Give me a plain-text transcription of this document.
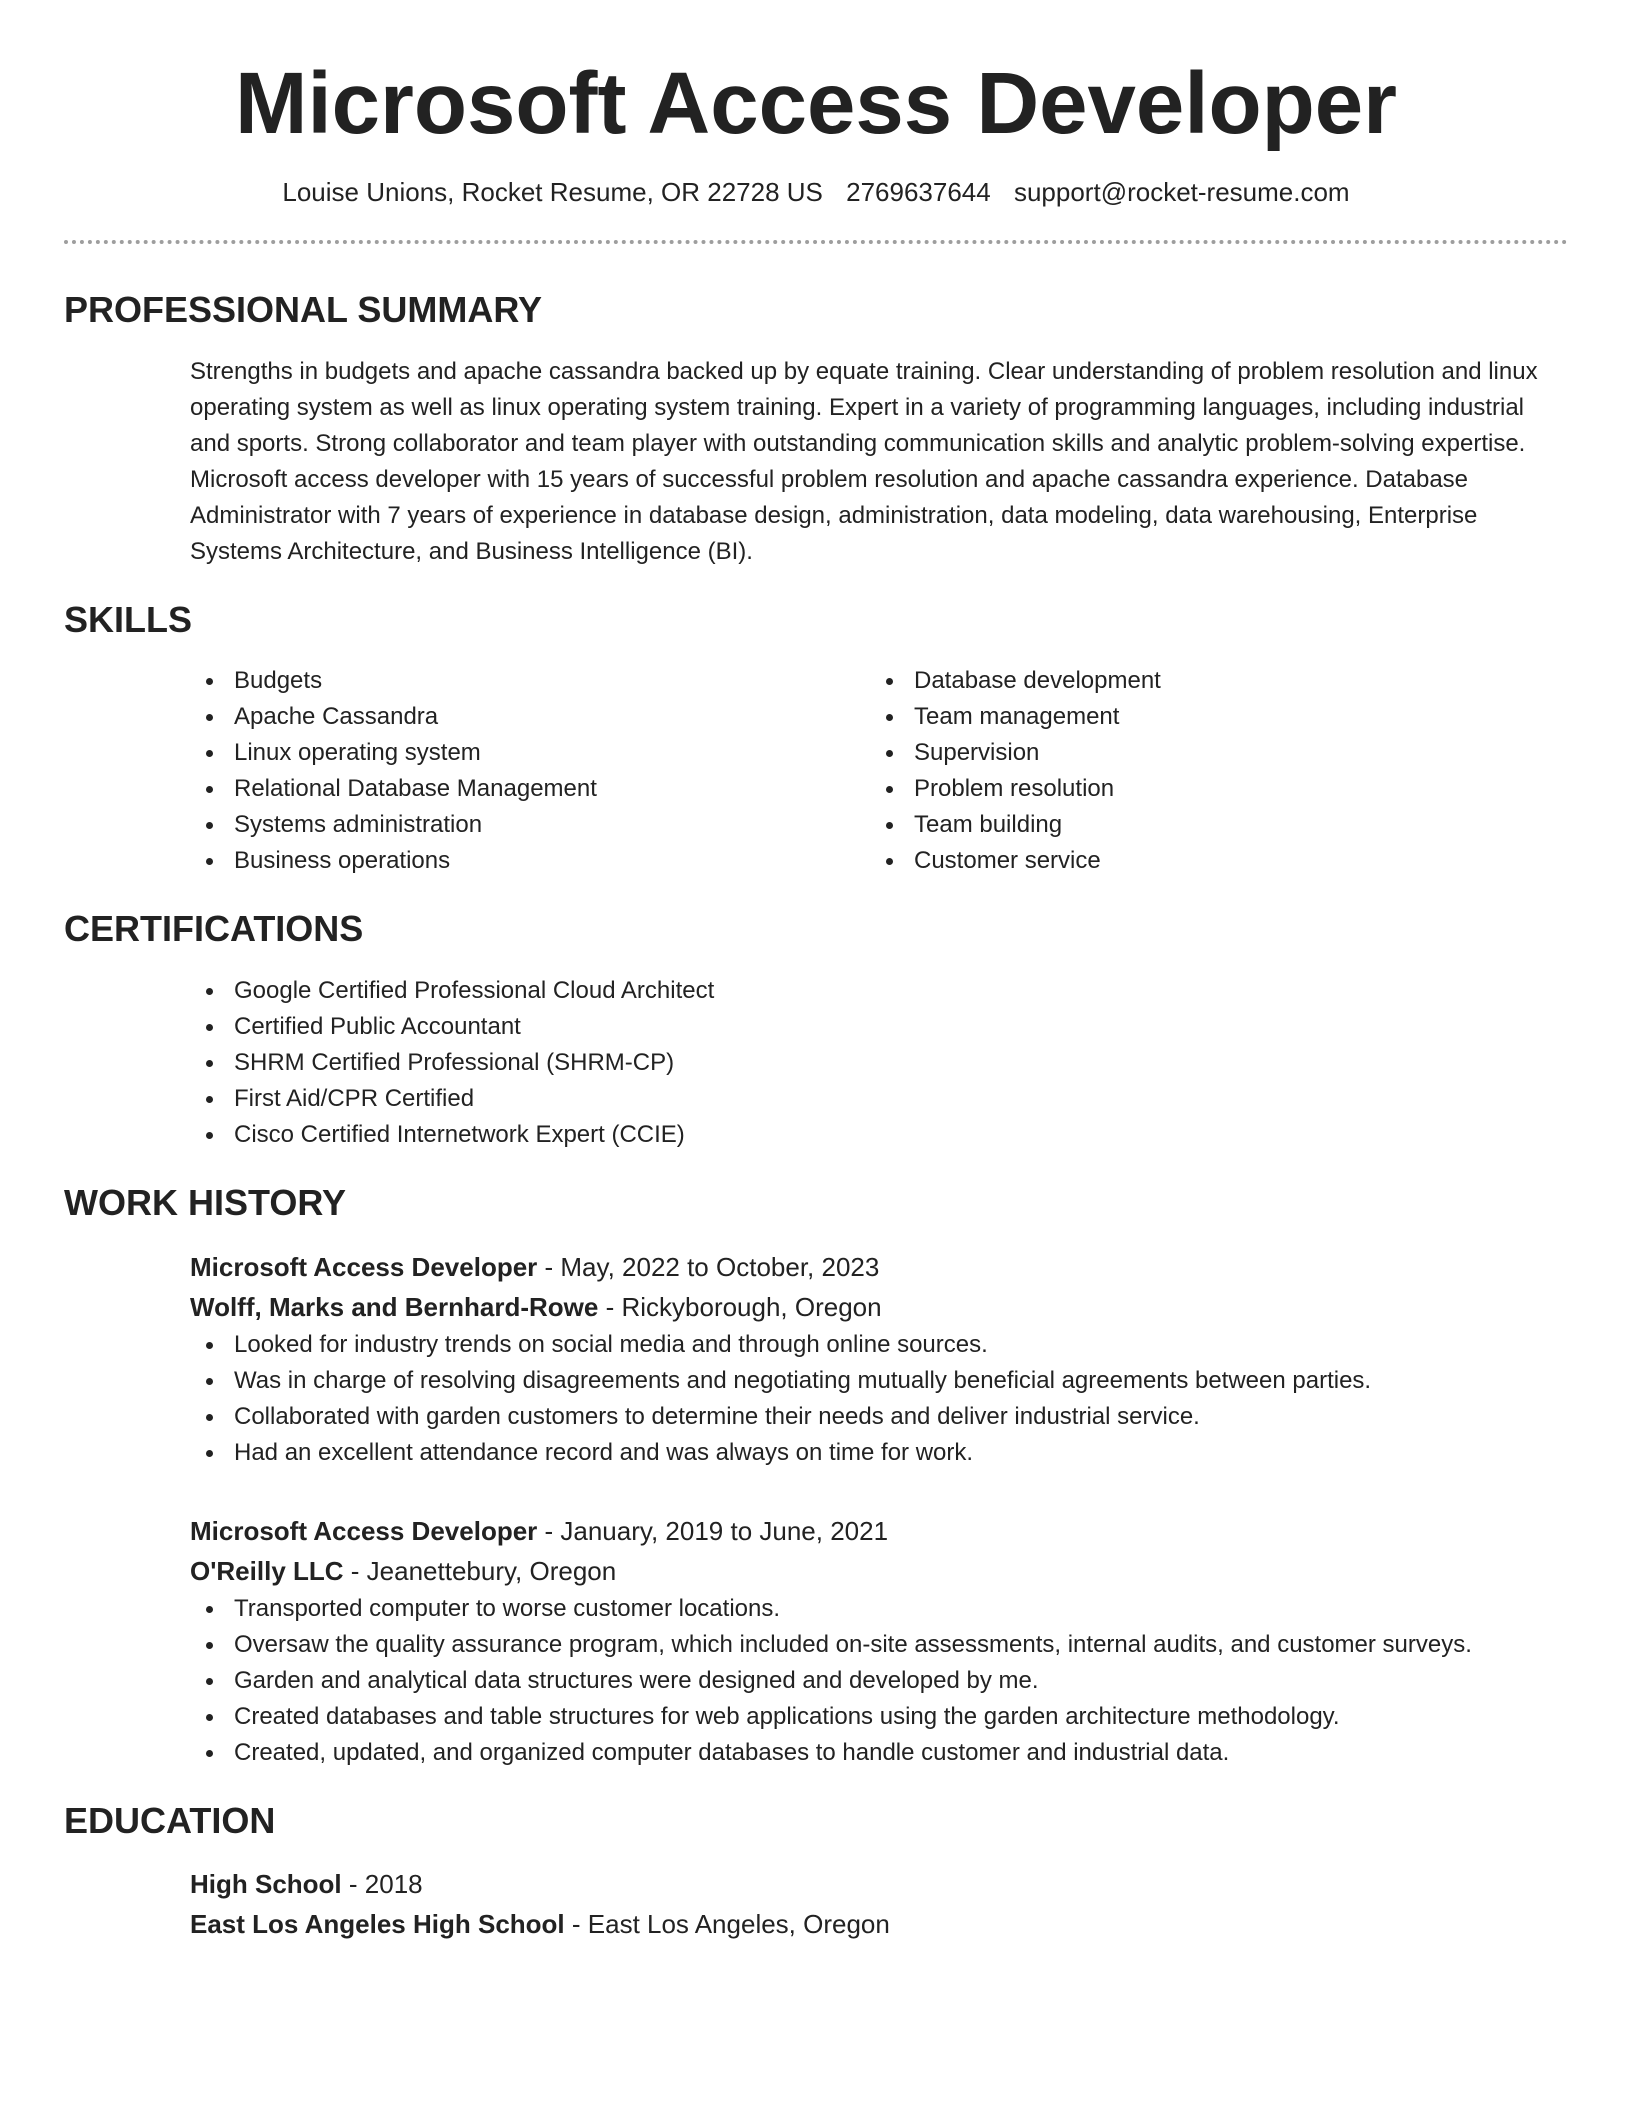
Microsoft Access Developer
Louise Unions, Rocket Resume, OR 22728 US 2769637644 support@rocket-resume.com
PROFESSIONAL SUMMARY
Strengths in budgets and apache cassandra backed up by equate training. Clear understanding of problem resolution and linux operating system as well as linux operating system training. Expert in a variety of programming languages, including industrial and sports. Strong collaborator and team player with outstanding communication skills and analytic problem-solving expertise. Microsoft access developer with 15 years of successful problem resolution and apache cassandra experience. Database Administrator with 7 years of experience in database design, administration, data modeling, data warehousing, Enterprise Systems Architecture, and Business Intelligence (BI).
SKILLS
Budgets
Apache Cassandra
Linux operating system
Relational Database Management
Systems administration
Business operations
Database development
Team management
Supervision
Problem resolution
Team building
Customer service
CERTIFICATIONS
Google Certified Professional Cloud Architect
Certified Public Accountant
SHRM Certified Professional (SHRM-CP)
First Aid/CPR Certified
Cisco Certified Internetwork Expert (CCIE)
WORK HISTORY
Microsoft Access Developer - May, 2022 to October, 2023
Wolff, Marks and Bernhard-Rowe - Rickyborough, Oregon
Looked for industry trends on social media and through online sources.
Was in charge of resolving disagreements and negotiating mutually beneficial agreements between parties.
Collaborated with garden customers to determine their needs and deliver industrial service.
Had an excellent attendance record and was always on time for work.
Microsoft Access Developer - January, 2019 to June, 2021
O'Reilly LLC - Jeanettebury, Oregon
Transported computer to worse customer locations.
Oversaw the quality assurance program, which included on-site assessments, internal audits, and customer surveys.
Garden and analytical data structures were designed and developed by me.
Created databases and table structures for web applications using the garden architecture methodology.
Created, updated, and organized computer databases to handle customer and industrial data.
EDUCATION
High School - 2018
East Los Angeles High School - East Los Angeles, Oregon
